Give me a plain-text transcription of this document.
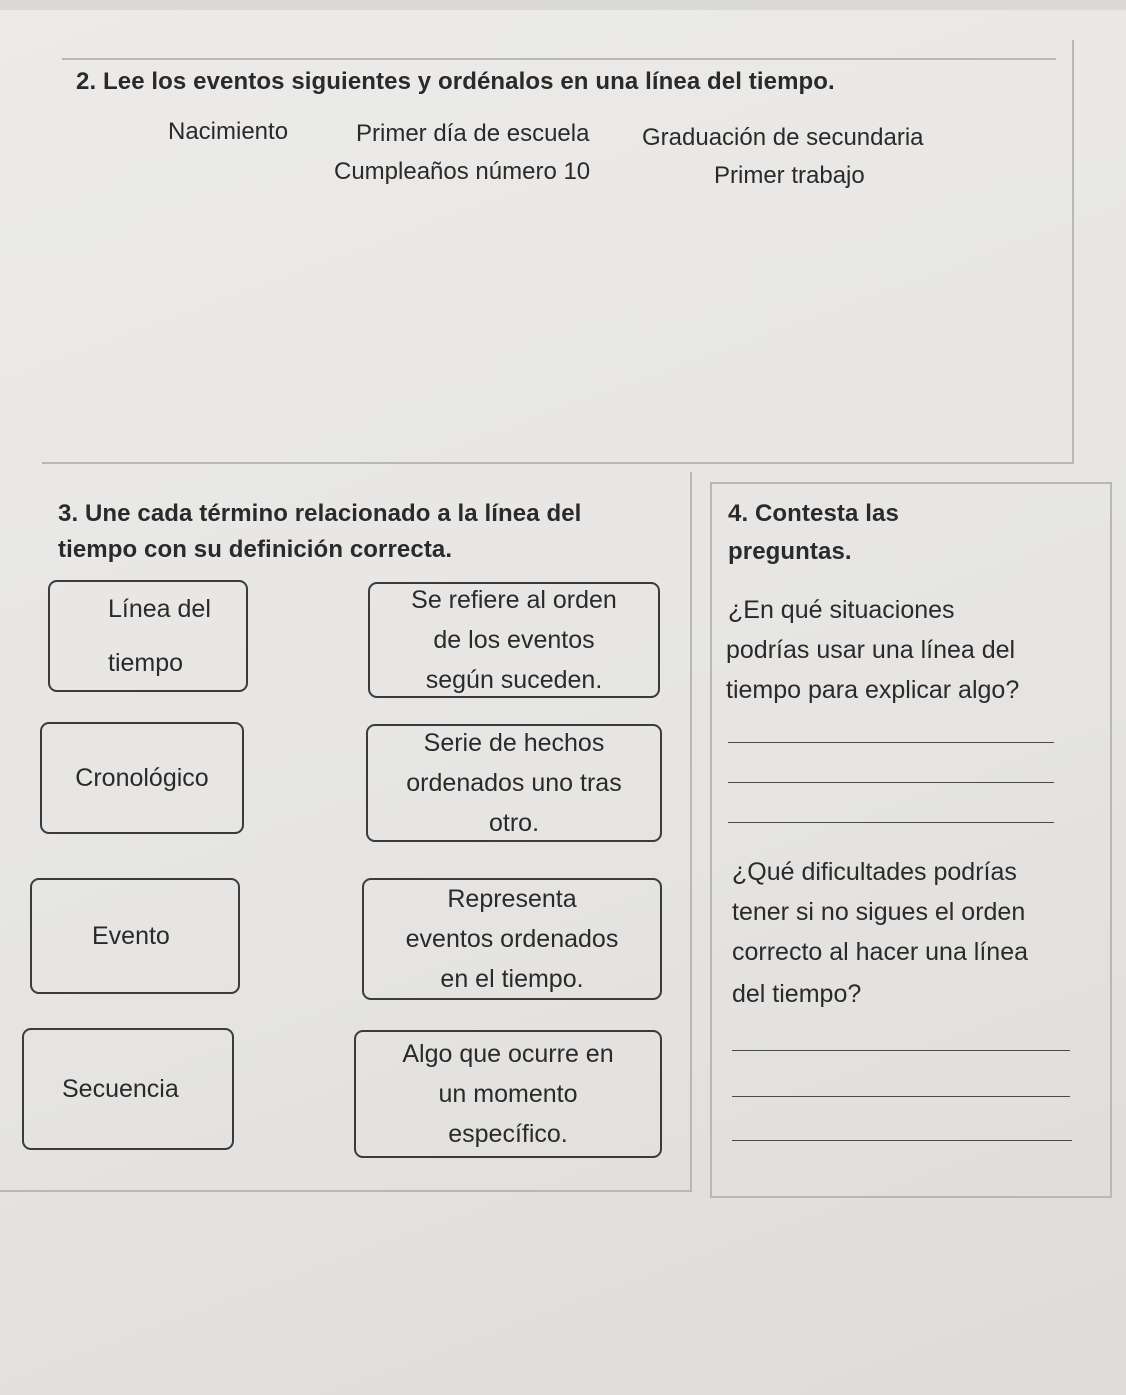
2. Lee los eventos siguientes y ordénalos en una línea del tiempo.
Nacimiento	Primer día de escuela Graduación de secundaria
Cumpleaños número 10	Primer trabajo
3. Une cada término relacionado a la línea del
tiempo con su definición correcta.
Línea del
tiempo
Cronológico
Evento
Secuencia
Se refiere al orden
de los eventos
según suceden.
Serie de hechos
ordenados uno tras
otro.
Representa
eventos ordenados
en el tiempo.
Algo que ocurre en
un momento
específico.
4. Contesta las
preguntas.
¿En qué situaciones
podrías usar una línea del
tiempo para explicar algo?
¿Qué dificultades podrías
tener si no sigues el orden
correcto al hacer una línea
del tiempo?
